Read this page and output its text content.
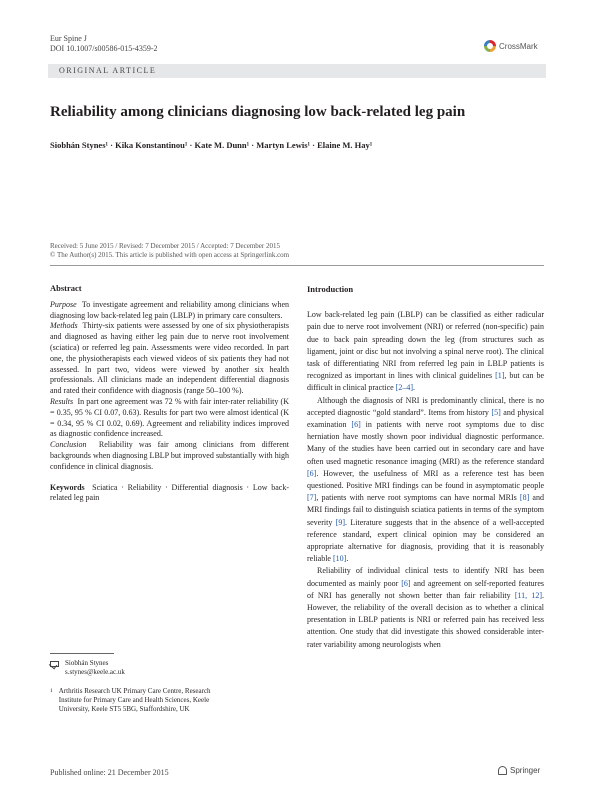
Eur Spine J
DOI 10.1007/s00586-015-4359-2	CrossMark
ORIGINAL ARTICLE
Reliability among clinicians diagnosing low back-related leg pain
Siobhán Stynes¹ · Kika Konstantinou¹ · Kate M. Dunn¹ · Martyn Lewis¹ · Elaine M. Hay¹
Received: 5 June 2015 / Revised: 7 December 2015 / Accepted: 7 December 2015
© The Author(s) 2015. This article is published with open access at Springerlink.com
Abstract

Purpose To investigate agreement and reliability among clinicians when diagnosing low back-related leg pain (LBLP) in primary care consulters.

Methods Thirty-six patients were assessed by one of six physiotherapists and diagnosed as having either leg pain due to nerve root involvement (sciatica) or referred leg pain. Assessments were video recorded. In part one, the physiotherapists each viewed videos of six patients they had not assessed. In part two, videos were viewed by another six health professionals. All clinicians made an independent differential diagnosis and rated their confidence with diagnosis (range 50–100 %).

Results In part one agreement was 72 % with fair inter-rater reliability (K = 0.35, 95 % CI 0.07, 0.63). Results for part two were almost identical (K = 0.34, 95 % CI 0.02, 0.69). Agreement and reliability indices improved as diagnostic confidence increased.

Conclusion Reliability was fair among clinicians from different backgrounds when diagnosing LBLP but improved substantially with high confidence in clinical diagnosis.

Keywords Sciatica · Reliability · Differential diagnosis · Low back-related leg pain

Introduction

Low back-related leg pain (LBLP) can be classified as either radicular pain due to nerve root involvement (NRI) or referred (non-specific) pain due to back pain spreading down the leg (from structures such as ligament, joint or disc but not involving a spinal nerve root). The clinical task of differentiating NRI from referred leg pain in LBLP patients is recognized as important in lines with clinical guidelines [1], but can be difficult in clinical practice [2–4].

Although the diagnosis of NRI is predominantly clinical, there is no accepted diagnostic “gold standard”. Items from history [5] and physical examination [6] in patients with nerve root symptoms due to disc herniation have mostly shown poor individual diagnostic performance. Many of the studies have been carried out in secondary care and have often used magnetic resonance imaging (MRI) as the reference standard [6]. However, the usefulness of MRI as a reference test has been questioned. Positive MRI findings can be found in asymptomatic people [7], patients with nerve root symptoms can have normal MRIs [8] and MRI findings fail to distinguish sciatica patients in terms of the symptom severity [9]. Literature suggests that in the absence of a well-accepted reference standard, expert clinical opinion may be considered an appropriate alternative for diagnosis, providing that it is reasonably reliable [10].

Reliability of individual clinical tests to identify NRI has been documented as mainly poor [6] and agreement on self-reported features of NRI has generally not shown better than fair reliability [11, 12]. However, the reliability of the overall decision as to whether a clinical presentation in LBLP patients is NRI or referred pain has received less attention. One study that did investigate this showed considerable inter-rater variability among neurologists when

Siobhán Stynes
s.stynes@keele.ac.uk
1 Arthritis Research UK Primary Care Centre, Research
Institute for Primary Care and Health Sciences, Keele
University, Keele ST5 5BG, Staffordshire, UK
Published online: 21 December 2015	Springer
